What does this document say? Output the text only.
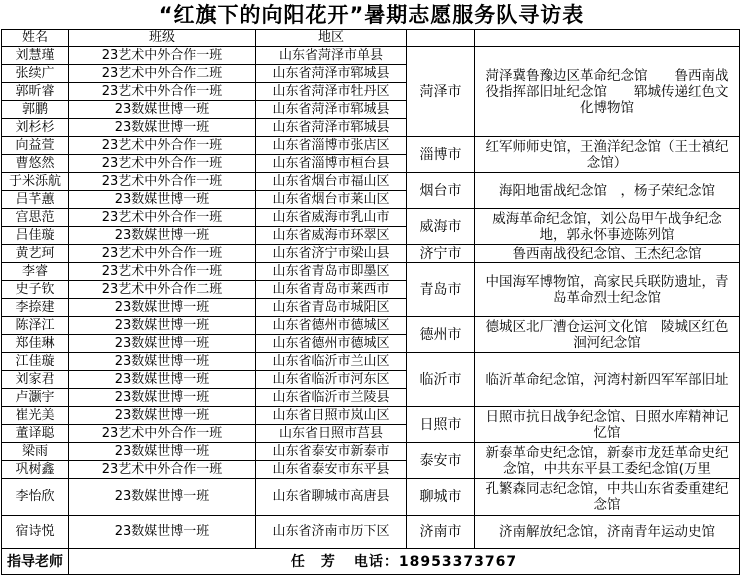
“红旗下的向阳花开”暑期志愿服务队寻访表
姓名	班级	地区		
刘慧瑾	23艺术中外合作一班	山东省菏泽市单县	菏泽市	菏泽冀鲁豫边区革命纪念馆　　鲁西南战役指挥部旧址纪念馆　　郓城传递红色文化博物馆
张续广	23艺术中外合作二班	山东省菏泽市郓城县		
郭昕睿	23艺术中外合作一班	山东省菏泽市牡丹区		
郭鹏	23数媒世博一班	山东省菏泽市郓城县		
刘杉杉	23数媒世博一班	山东省菏泽市郓城县		
向益萱	23艺术中外合作一班	山东省淄博市张店区	淄博市	红军师师史馆，王渔洋纪念馆（王士禛纪念馆）
曹悠然	23艺术中外合作一班	山东省淄博市桓台县		
于米泺航	23艺术中外合作一班	山东省烟台市福山区	烟台市	海阳地雷战纪念馆　，杨子荣纪念馆
吕芊蕙	23数媒世博一班	山东省烟台市莱山区		
宫思范	23艺术中外合作一班	山东省威海市乳山市	威海市	威海革命纪念馆，刘公岛甲午战争纪念地，郭永怀事迹陈列馆
吕佳璇	23数媒世博一班	山东省威海市环翠区		
黄艺珂	23艺术中外合作一班	山东省济宁市梁山县	济宁市	鲁西南战役纪念馆、王杰纪念馆
李睿	23艺术中外合作一班	山东省青岛市即墨区	青岛市	中国海军博物馆，高家民兵联防遗址，青岛革命烈士纪念馆
史子钦	23艺术中外合作二班	山东省青岛市莱西市		
李捺建	23数媒世博一班	山东省青岛市城阳区		
陈泽江	23数媒世博一班	山东省德州市德城区	德州市	德城区北厂漕仓运河文化馆　陵城区红色洄河纪念馆
郑佳琳	23数媒世博一班	山东省德州市德城区		
江佳璇	23数媒世博一班	山东省临沂市兰山区	临沂市	临沂革命纪念馆，河湾村新四军军部旧址
刘家君	23数媒世博一班	山东省临沂市河东区		
卢灏宇	23数媒世博一班	山东省临沂市兰陵县		
崔光美	23数媒世博一班	山东省日照市岚山区	日照市	日照市抗日战争纪念馆、日照水库精神记忆馆
董译聪	23艺术中外合作一班	山东省日照市莒县		
梁雨	23数媒世博一班	山东省泰安市新泰市	泰安市	新泰革命史纪念馆，新泰市龙廷革命史纪念馆，中共东平县工委纪念馆(万里
巩树鑫	23艺术中外合作一班	山东省泰安市东平县		
李怡欣	23数媒世博一班	山东省聊城市高唐县	聊城市	孔繁森同志纪念馆，中共山东省委重建纪念馆
宿诗悦	23数媒世博一班	山东省济南市历下区	济南市	济南解放纪念馆，济南青年运动史馆
指导老师	任　芳 电话：18953373767			
